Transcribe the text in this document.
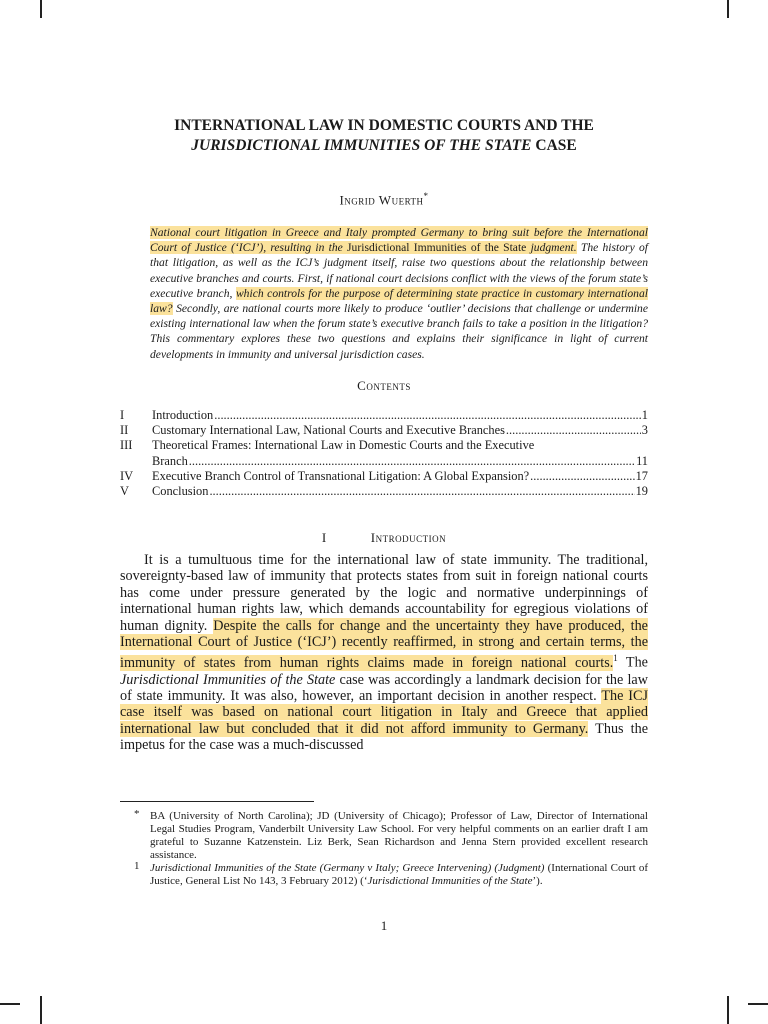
INTERNATIONAL LAW IN DOMESTIC COURTS AND THE
JURISDICTIONAL IMMUNITIES OF THE STATE CASE
Ingrid Wuerth*
National court litigation in Greece and Italy prompted Germany to bring suit before the International Court of Justice (‘ICJ’), resulting in the Jurisdictional Immunities of the State judgment. The history of that litigation, as well as the ICJ’s judgment itself, raise two questions about the relationship between executive branches and courts. First, if national court decisions conflict with the views of the forum state’s executive branch, which controls for the purpose of determining state practice in customary international law? Secondly, are national courts more likely to produce ‘outlier’ decisions that challenge or undermine existing international law when the forum state’s executive branch fails to take a position in the litigation? This commentary explores these two questions and explains their significance in light of current developments in immunity and universal jurisdiction cases.
Contents
I	Introduction .....	1
II	Customary International Law, National Courts and Executive Branches .....	3
III	Theoretical Frames: International Law in Domestic Courts and the Executive
Branch .....	11
IV	Executive Branch Control of Transnational Litigation: A Global Expansion? .....	17
V	Conclusion .....	19
I	Introduction
It is a tumultuous time for the international law of state immunity. The traditional, sovereignty-based law of immunity that protects states from suit in foreign national courts has come under pressure generated by the logic and normative underpinnings of international human rights law, which demands accountability for egregious violations of human dignity. Despite the calls for change and the uncertainty they have produced, the International Court of Justice (‘ICJ’) recently reaffirmed, in strong and certain terms, the immunity of states from human rights claims made in foreign national courts.$^1$ The Jurisdictional Immunities of the State case was accordingly a landmark decision for the law of state immunity. It was also, however, an important decision in another respect. The ICJ case itself was based on national court litigation in Italy and Greece that applied international law but concluded that it did not afford immunity to Germany. Thus the impetus for the case was a much-discussed
* BA (University of North Carolina); JD (University of Chicago); Professor of Law, Director of International Legal Studies Program, Vanderbilt University Law School. For very helpful comments on an earlier draft I am grateful to Suzanne Katzenstein. Liz Berk, Sean Richardson and Jenna Stern provided excellent research assistance.
1 Jurisdictional Immunities of the State (Germany v Italy; Greece Intervening) (Judgment) (International Court of Justice, General List No 143, 3 February 2012) (‘Jurisdictional Immunities of the State’).
1
